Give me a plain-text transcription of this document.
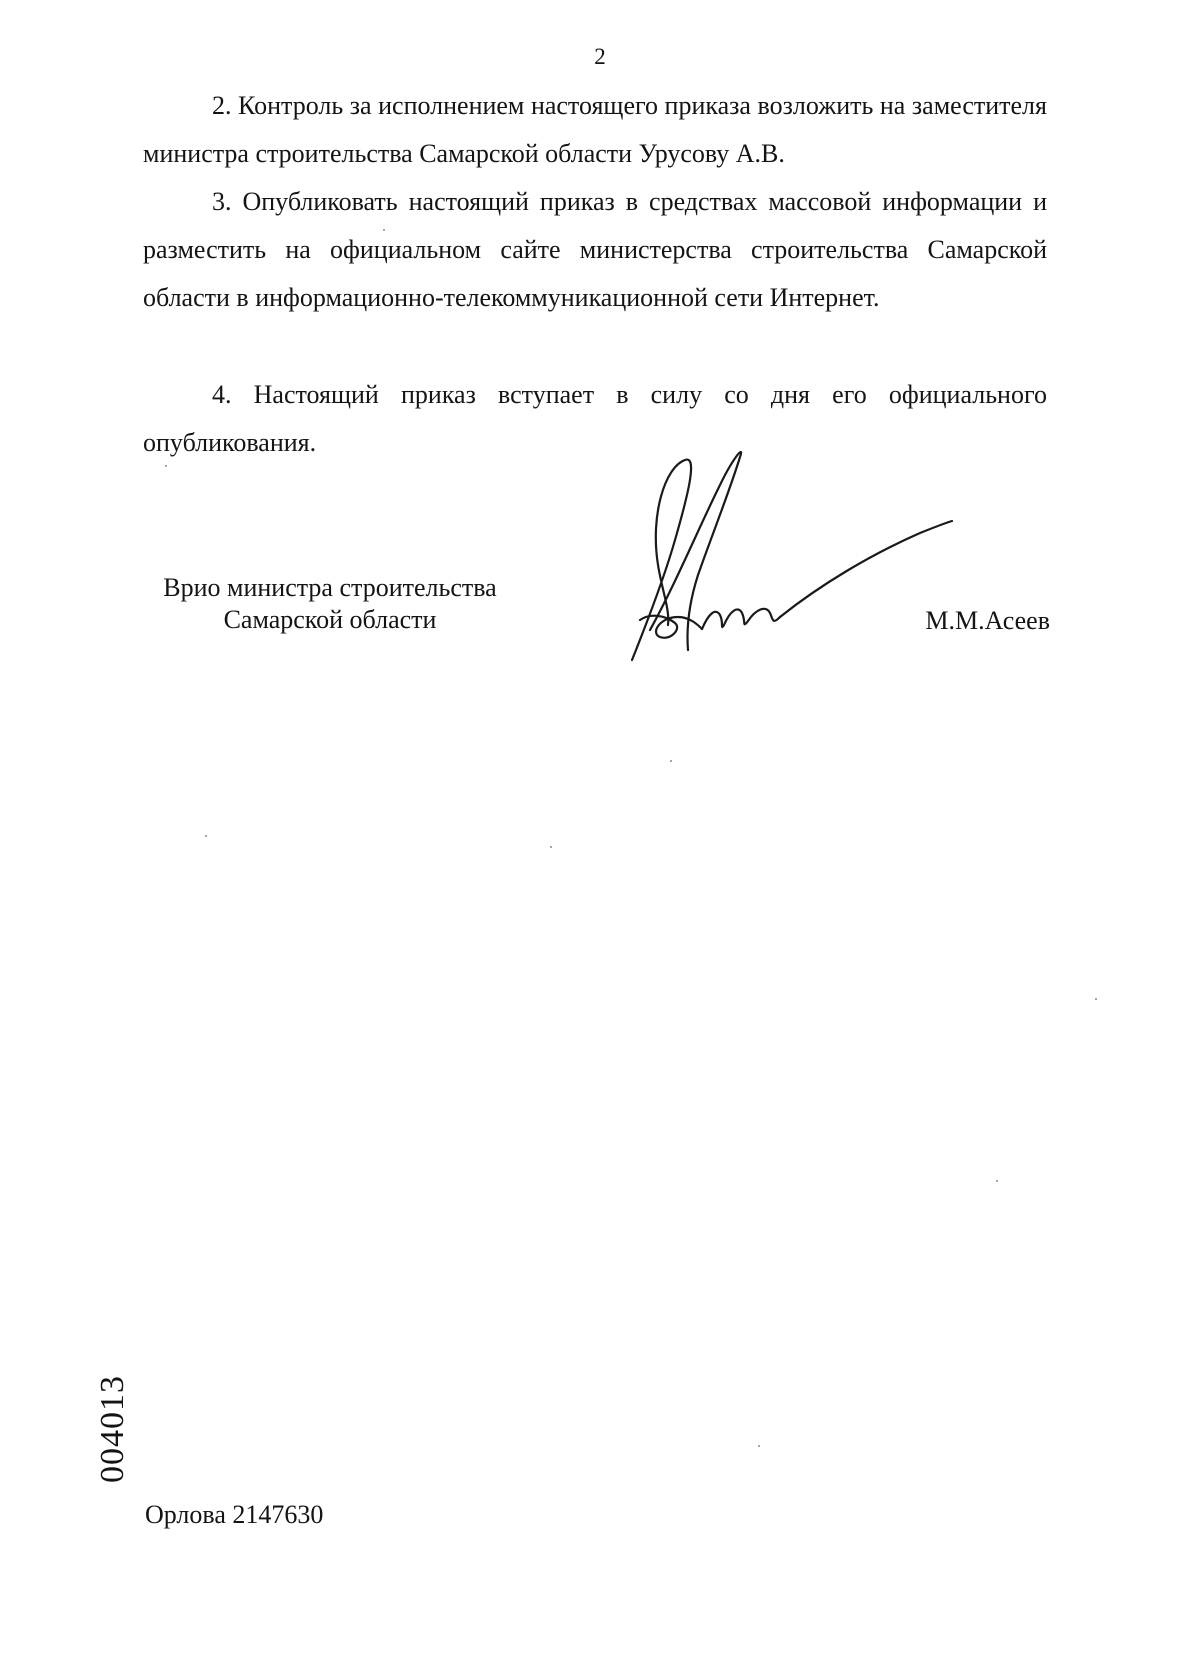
2

2. Контроль за исполнением настоящего приказа возложить на заместителя министра строительства Самарской области Урусову А.В.

3. Опубликовать настоящий приказ в средствах массовой информации и разместить на официальном сайте министерства строительства Самарской области в информационно-телекоммуникационной сети Интернет.

4. Настоящий приказ вступает в силу со дня его официального опубликования.

Врио министра строительства
Самарской области	М.М.Асеев
004013
Орлова 2147630
